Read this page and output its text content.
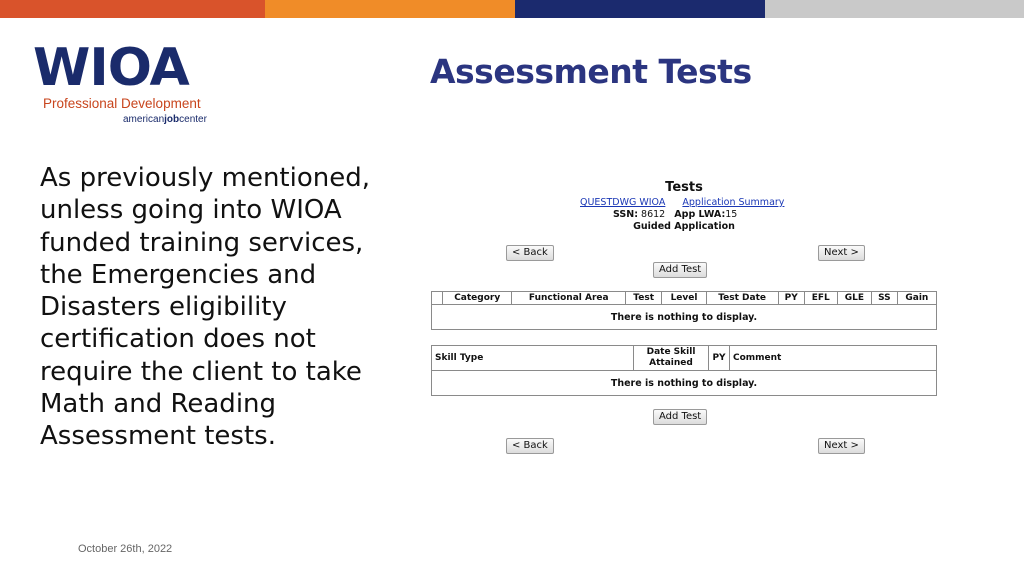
WIOA
Professional Development
americanjobcenter
Assessment Tests
As previously mentioned,
unless going into WIOA
funded training services,
the Emergencies and
Disasters eligibility
certification does not
require the client to take
Math and Reading
Assessment tests.
Tests
QUESTDWG WIOA Application Summary
SSN: 8612 App LWA:15
Guided Application
< Back	Next >
Add Test
	Category	Functional Area	Test	Level	Test Date	PY	EFL	GLE	SS	Gain
There is nothing to display.
Skill Type	Date Skill Attained	PY	Comment
There is nothing to display.
Add Test
< Back	Next >
October 26th, 2022
